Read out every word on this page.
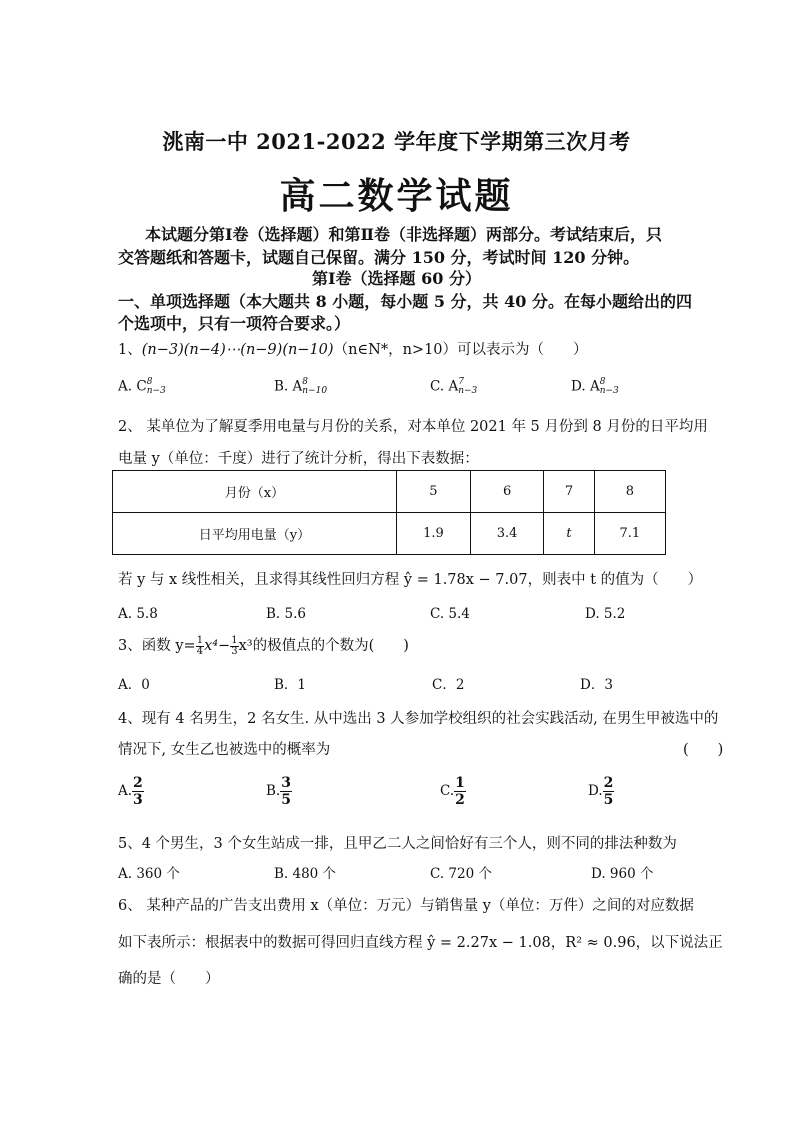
洮南一中 2021-2022 学年度下学期第三次月考
高二数学试题
本试题分第Ⅰ卷（选择题）和第Ⅱ卷（非选择题）两部分。考试结束后，只
交答题纸和答题卡，试题自己保留。满分 150 分，考试时间 120 分钟。
第Ⅰ卷（选择题 60 分）
一、单项选择题（本大题共 8 小题，每小题 5 分，共 40 分。在每小题给出的四
个选项中，只有一项符合要求。）
1、(n−3)(n−4)⋯(n−9)(n−10)（n∈N*，n>10）可以表示为（　　）
A. C 8
n−3	B. A 8
n−10	C. A 7
n−3	D. A 8
n−3
2、 某单位为了解夏季用电量与月份的关系，对本单位 2021 年 5 月份到 8 月份的日平均用
电量 y（单位：千度）进行了统计分析，得出下表数据：
月份（x）	5	6	7	8
日平均用电量（y）	1.9	3.4	t	7.1
若 y 与 x 线性相关，且求得其线性回归方程 ŷ = 1.78x − 7.07，则表中 t 的值为（　　）
A. 5.8	B. 5.6	C. 5.4	D. 5.2
3、函数 $y= \frac{1}{4} x^4- \frac{1}{3} x^3$的极值点的个数为(　　)
A．0	B．1	C．2	D．3
4、现有 4 名男生，2 名女生. 从中选出 3 人参加学校组织的社会实践活动, 在男生甲被选中的
情况下, 女生乙也被选中的概率为	(　　)
A. $\frac{2}{3}$	B. $\frac{3}{5}$	C. $\frac{1}{2}$	D. $\frac{2}{5}$
5、4 个男生，3 个女生站成一排，且甲乙二人之间恰好有三个人，则不同的排法种数为
A. 360 个	B. 480 个	C. 720 个	D. 960 个
6、 某种产品的广告支出费用 x（单位：万元）与销售量 y（单位：万件）之间的对应数据
如下表所示：根据表中的数据可得回归直线方程 ŷ = 2.27x − 1.08，R² ≈ 0.96，以下说法正
确的是（　　）
